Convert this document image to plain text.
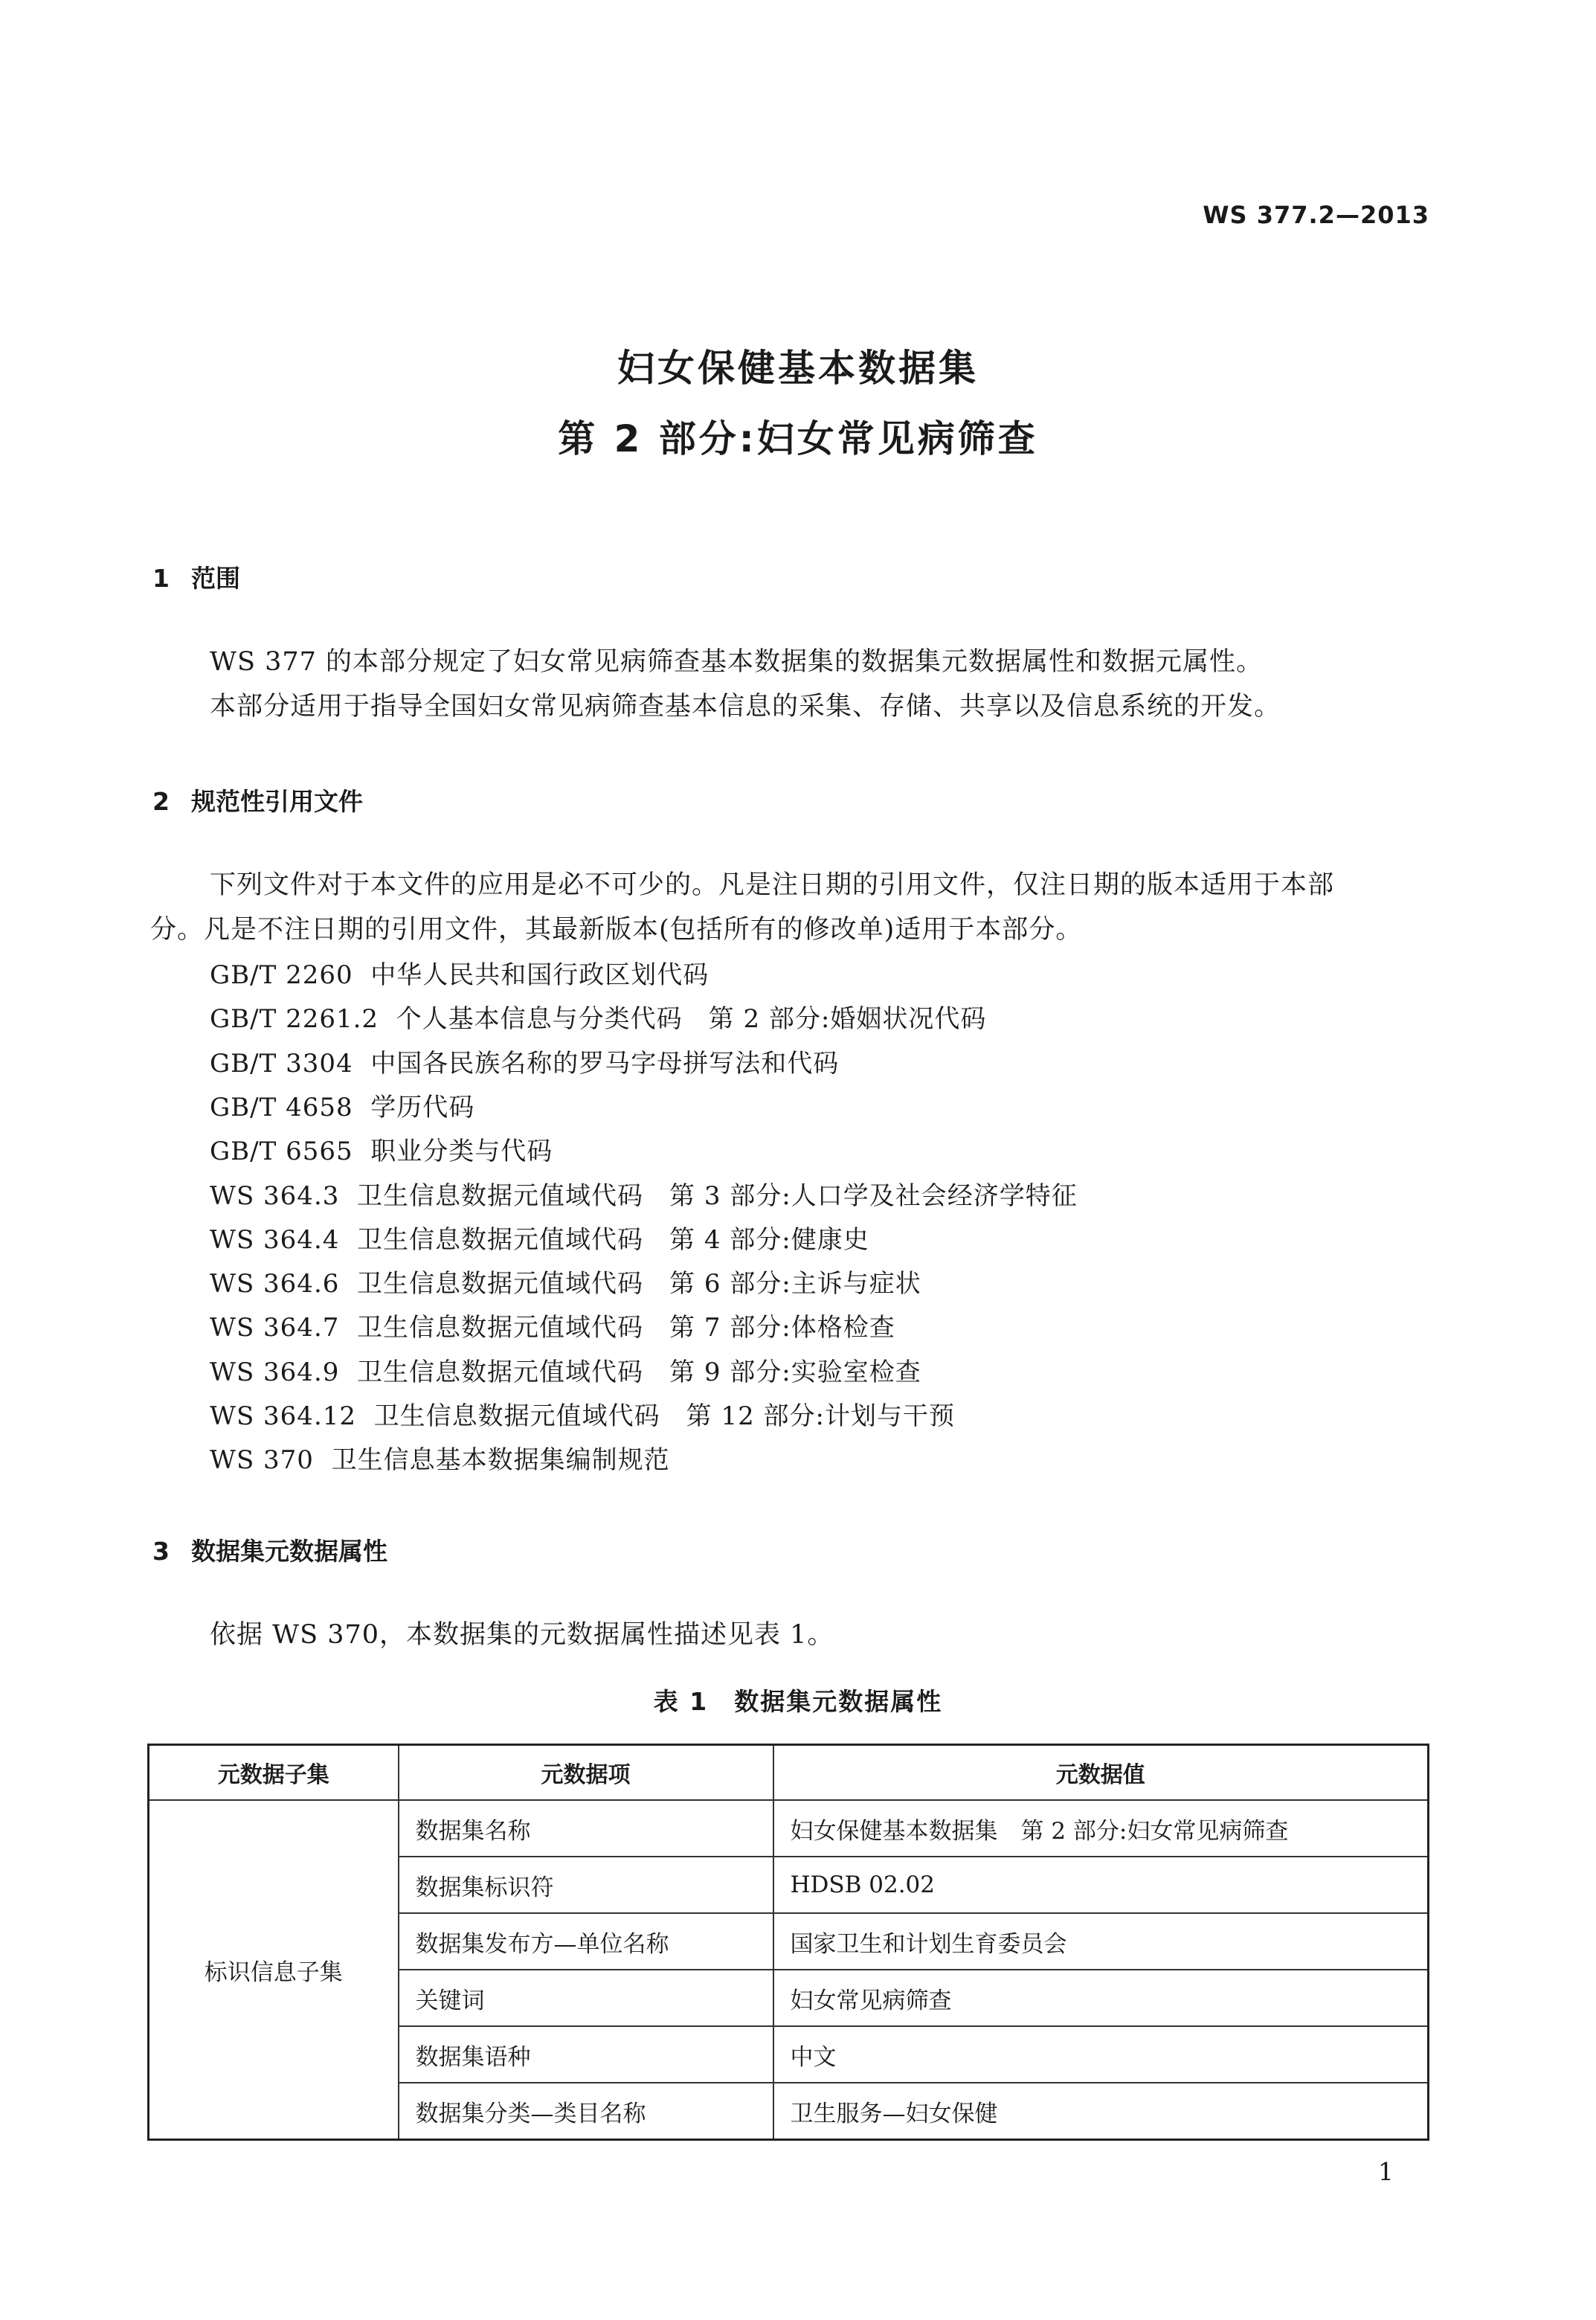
WS 377.2—2013
妇女保健基本数据集
第 2 部分:妇女常见病筛查
1 范围
WS 377 的本部分规定了妇女常见病筛查基本数据集的数据集元数据属性和数据元属性。
本部分适用于指导全国妇女常见病筛查基本信息的采集、存储、共享以及信息系统的开发。
2 规范性引用文件
下列文件对于本文件的应用是必不可少的。凡是注日期的引用文件，仅注日期的版本适用于本部
分。凡是不注日期的引用文件，其最新版本(包括所有的修改单)适用于本部分。
GB/T 2260 中华人民共和国行政区划代码
GB/T 2261.2 个人基本信息与分类代码　第 2 部分:婚姻状况代码
GB/T 3304 中国各民族名称的罗马字母拼写法和代码
GB/T 4658 学历代码
GB/T 6565 职业分类与代码
WS 364.3 卫生信息数据元值域代码　第 3 部分:人口学及社会经济学特征
WS 364.4 卫生信息数据元值域代码　第 4 部分:健康史
WS 364.6 卫生信息数据元值域代码　第 6 部分:主诉与症状
WS 364.7 卫生信息数据元值域代码　第 7 部分:体格检查
WS 364.9 卫生信息数据元值域代码　第 9 部分:实验室检查
WS 364.12 卫生信息数据元值域代码　第 12 部分:计划与干预
WS 370 卫生信息基本数据集编制规范
3 数据集元数据属性
依据 WS 370，本数据集的元数据属性描述见表 1。
表 1　数据集元数据属性
元数据子集	元数据项	元数据值
标识信息子集	数据集名称	妇女保健基本数据集　第 2 部分:妇女常见病筛查
	数据集标识符	HDSB 02.02
	数据集发布方—单位名称	国家卫生和计划生育委员会
	关键词	妇女常见病筛查
	数据集语种	中文
	数据集分类—类目名称	卫生服务—妇女保健
1
